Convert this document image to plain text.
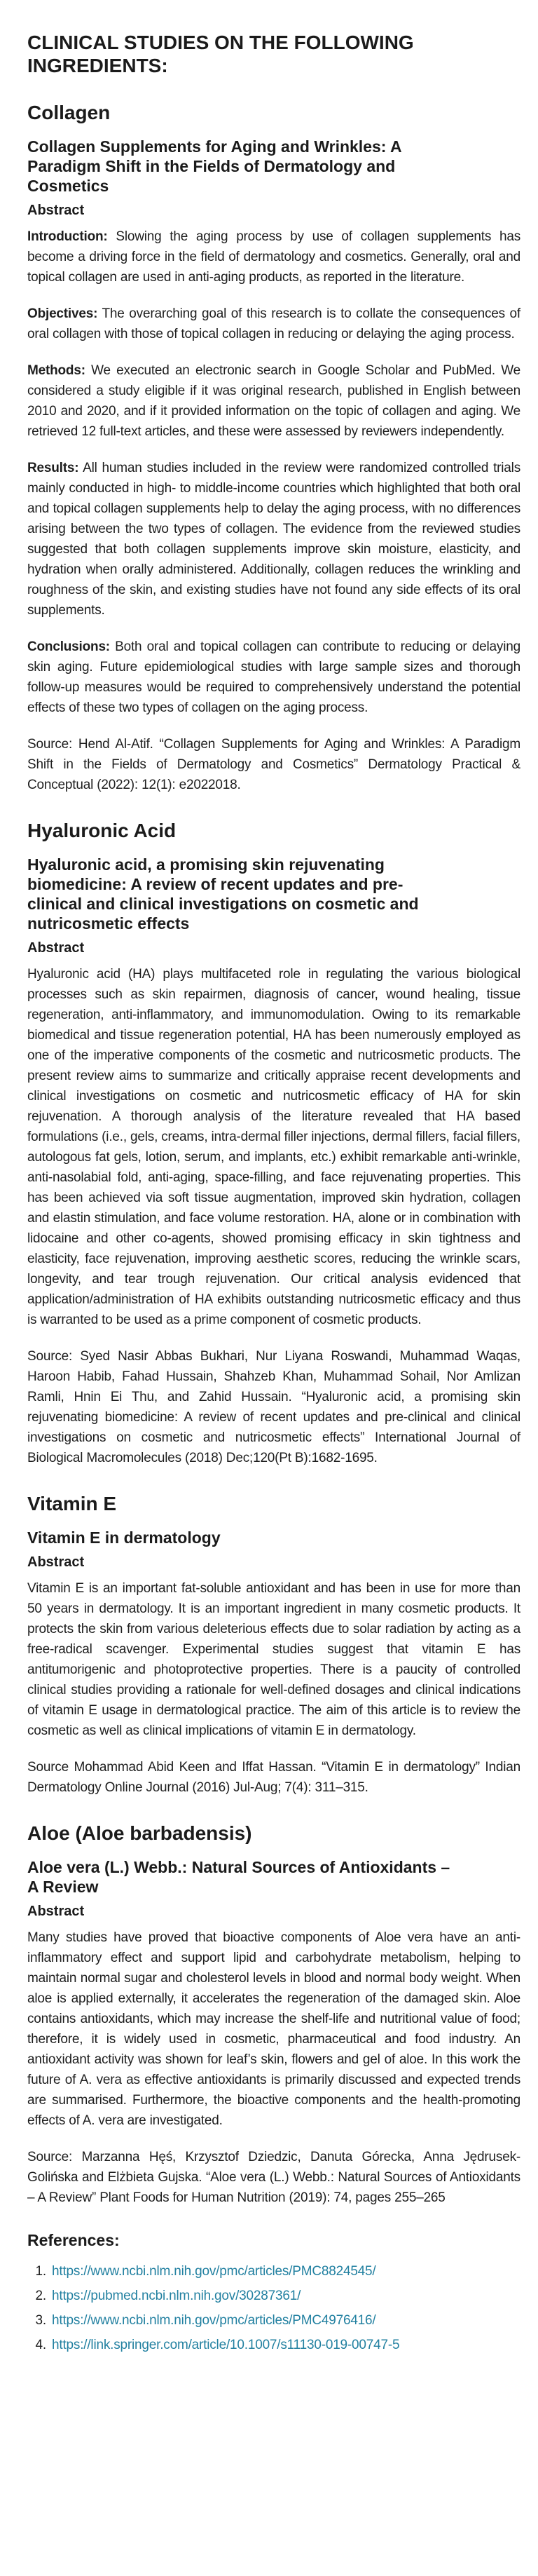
CLINICAL STUDIES ON THE FOLLOWING
INGREDIENTS:
Collagen
Collagen Supplements for Aging and Wrinkles: A
Paradigm Shift in the Fields of Dermatology and
Cosmetics
Abstract

Introduction: Slowing the aging process by use of collagen supplements has become a driving force in the field of dermatology and cosmetics. Generally, oral and topical collagen are used in anti-aging products, as reported in the literature.

Objectives: The overarching goal of this research is to collate the consequences of oral collagen with those of topical collagen in reducing or delaying the aging process.

Methods: We executed an electronic search in Google Scholar and PubMed. We considered a study eligible if it was original research, published in English between 2010 and 2020, and if it provided information on the topic of collagen and aging. We retrieved 12 full-text articles, and these were assessed by reviewers independently.

Results: All human studies included in the review were randomized controlled trials mainly conducted in high- to middle-income countries which highlighted that both oral and topical collagen supplements help to delay the aging process, with no differences arising between the two types of collagen. The evidence from the reviewed studies suggested that both collagen supplements improve skin moisture, elasticity, and hydration when orally administered. Additionally, collagen reduces the wrinkling and roughness of the skin, and existing studies have not found any side effects of its oral supplements.

Conclusions: Both oral and topical collagen can contribute to reducing or delaying skin aging. Future epidemiological studies with large sample sizes and thorough follow-up measures would be required to comprehensively understand the potential effects of these two types of collagen on the aging process.

Source: Hend Al-Atif. “Collagen Supplements for Aging and Wrinkles: A Paradigm Shift in the Fields of Dermatology and Cosmetics” Dermatology Practical & Conceptual (2022): 12(1): e2022018.

Hyaluronic Acid
Hyaluronic acid, a promising skin rejuvenating
biomedicine: A review of recent updates and pre-
clinical and clinical investigations on cosmetic and
nutricosmetic effects
Abstract

Hyaluronic acid (HA) plays multifaceted role in regulating the various biological processes such as skin repairmen, diagnosis of cancer, wound healing, tissue regeneration, anti-inflammatory, and immunomodulation. Owing to its remarkable biomedical and tissue regeneration potential, HA has been numerously employed as one of the imperative components of the cosmetic and nutricosmetic products. The present review aims to summarize and critically appraise recent developments and clinical investigations on cosmetic and nutricosmetic efficacy of HA for skin rejuvenation. A thorough analysis of the literature revealed that HA based formulations (i.e., gels, creams, intra-dermal filler injections, dermal fillers, facial fillers, autologous fat gels, lotion, serum, and implants, etc.) exhibit remarkable anti-wrinkle, anti-nasolabial fold, anti-aging, space-filling, and face rejuvenating properties. This has been achieved via soft tissue augmentation, improved skin hydration, collagen and elastin stimulation, and face volume restoration. HA, alone or in combination with lidocaine and other co-agents, showed promising efficacy in skin tightness and elasticity, face rejuvenation, improving aesthetic scores, reducing the wrinkle scars, longevity, and tear trough rejuvenation. Our critical analysis evidenced that application/administration of HA exhibits outstanding nutricosmetic efficacy and thus is warranted to be used as a prime component of cosmetic products.

Source: Syed Nasir Abbas Bukhari, Nur Liyana Roswandi, Muhammad Waqas, Haroon Habib, Fahad Hussain, Shahzeb Khan, Muhammad Sohail, Nor Amlizan Ramli, Hnin Ei Thu, and Zahid Hussain. “Hyaluronic acid, a promising skin rejuvenating biomedicine: A review of recent updates and pre-clinical and clinical investigations on cosmetic and nutricosmetic effects” International Journal of Biological Macromolecules (2018) Dec;120(Pt B):1682-1695.

Vitamin E
Vitamin E in dermatology
Abstract

Vitamin E is an important fat-soluble antioxidant and has been in use for more than 50 years in dermatology. It is an important ingredient in many cosmetic products. It protects the skin from various deleterious effects due to solar radiation by acting as a free-radical scavenger. Experimental studies suggest that vitamin E has antitumorigenic and photoprotective properties. There is a paucity of controlled clinical studies providing a rationale for well-defined dosages and clinical indications of vitamin E usage in dermatological practice. The aim of this article is to review the cosmetic as well as clinical implications of vitamin E in dermatology.

Source Mohammad Abid Keen and Iffat Hassan. “Vitamin E in dermatology” Indian Dermatology Online Journal (2016) Jul-Aug; 7(4): 311–315.

Aloe (Aloe barbadensis)
Aloe vera (L.) Webb.: Natural Sources of Antioxidants –
A Review
Abstract

Many studies have proved that bioactive components of Aloe vera have an anti-inflammatory effect and support lipid and carbohydrate metabolism, helping to maintain normal sugar and cholesterol levels in blood and normal body weight. When aloe is applied externally, it accelerates the regeneration of the damaged skin. Aloe contains antioxidants, which may increase the shelf-life and nutritional value of food; therefore, it is widely used in cosmetic, pharmaceutical and food industry. An antioxidant activity was shown for leaf’s skin, flowers and gel of aloe. In this work the future of A. vera as effective antioxidants is primarily discussed and expected trends are summarised. Furthermore, the bioactive components and the health-promoting effects of A. vera are investigated.

Source: Marzanna Hęś, Krzysztof Dziedzic, Danuta Górecka, Anna Jędrusek-Golińska and Elżbieta Gujska. “Aloe vera (L.) Webb.: Natural Sources of Antioxidants – A Review” Plant Foods for Human Nutrition (2019): 74, pages 255–265

References:
1. https://www.ncbi.nlm.nih.gov/pmc/articles/PMC8824545/
2. https://pubmed.ncbi.nlm.nih.gov/30287361/
3. https://www.ncbi.nlm.nih.gov/pmc/articles/PMC4976416/
4. https://link.springer.com/article/10.1007/s11130-019-00747-5
